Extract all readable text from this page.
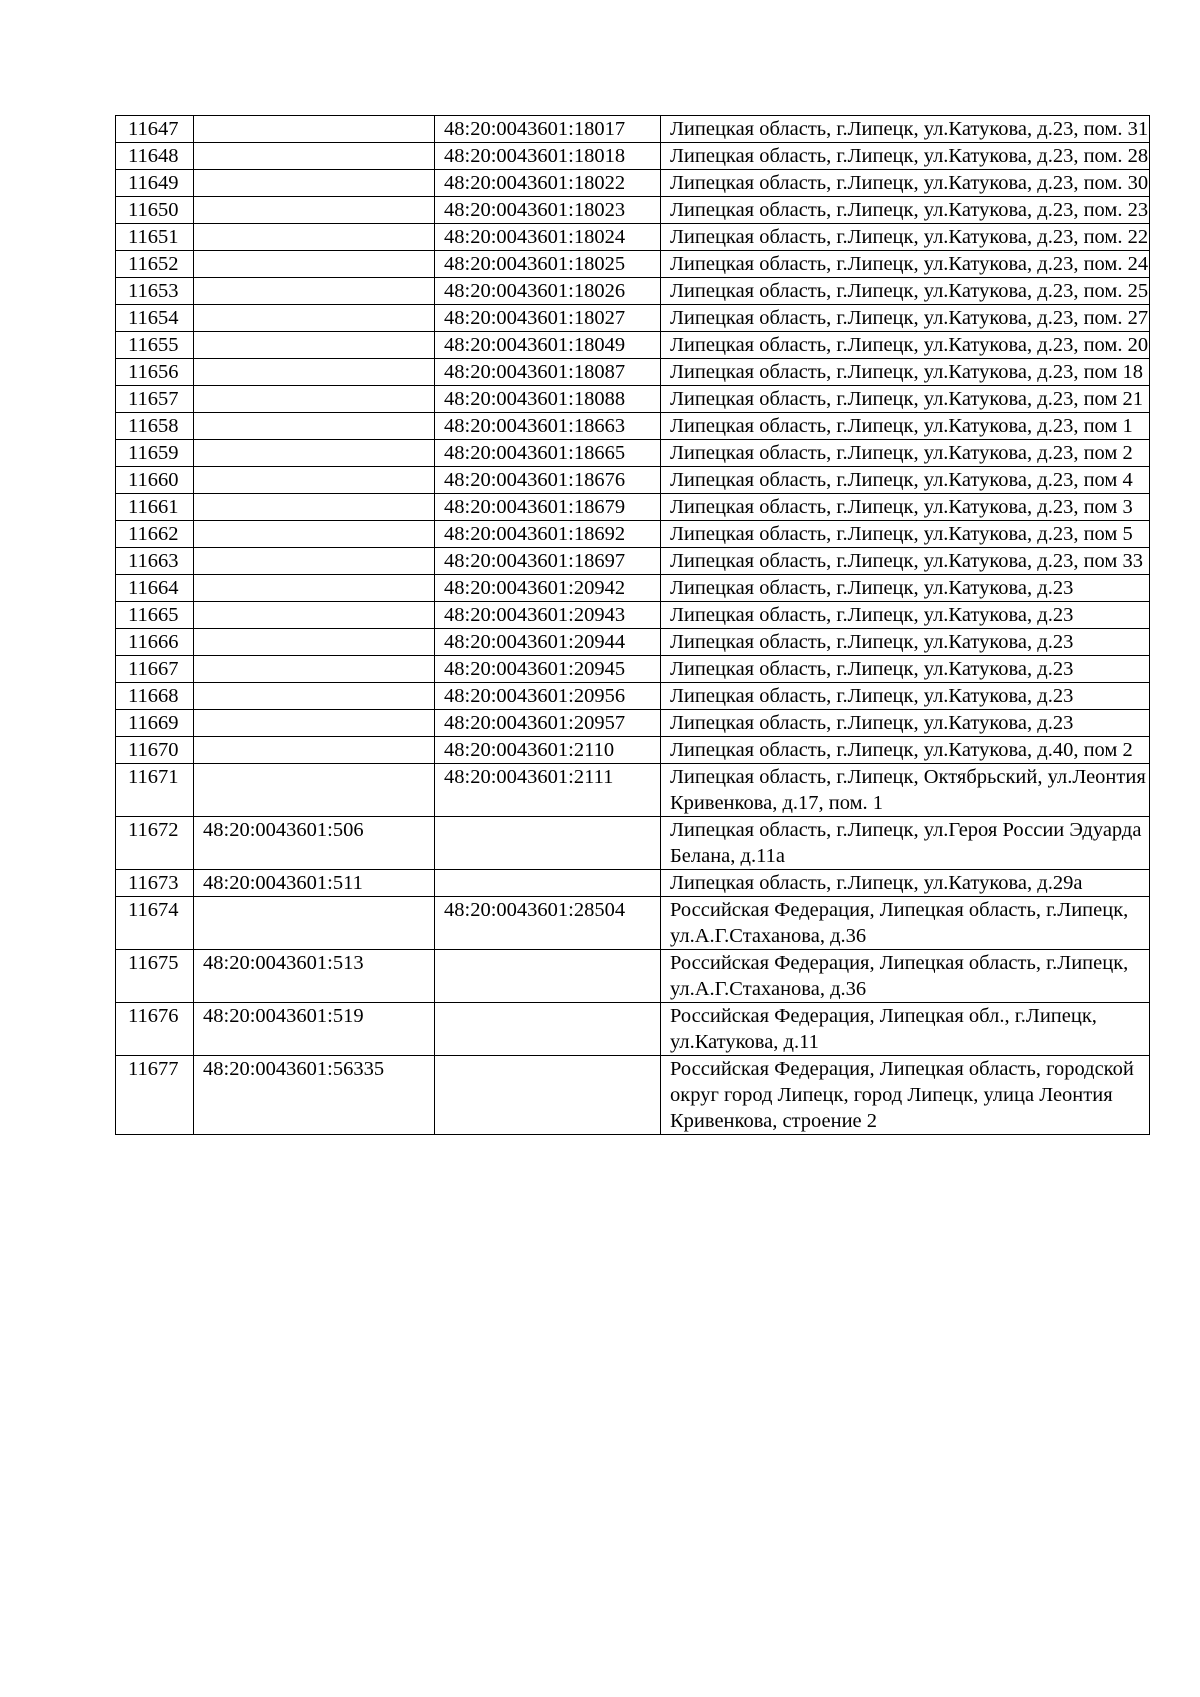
11647		48:20:0043601:18017	Липецкая область, г.Липецк, ул.Катукова, д.23, пом. 31
11648		48:20:0043601:18018	Липецкая область, г.Липецк, ул.Катукова, д.23, пом. 28
11649		48:20:0043601:18022	Липецкая область, г.Липецк, ул.Катукова, д.23, пом. 30
11650		48:20:0043601:18023	Липецкая область, г.Липецк, ул.Катукова, д.23, пом. 23
11651		48:20:0043601:18024	Липецкая область, г.Липецк, ул.Катукова, д.23, пом. 22
11652		48:20:0043601:18025	Липецкая область, г.Липецк, ул.Катукова, д.23, пом. 24
11653		48:20:0043601:18026	Липецкая область, г.Липецк, ул.Катукова, д.23, пом. 25
11654		48:20:0043601:18027	Липецкая область, г.Липецк, ул.Катукова, д.23, пом. 27
11655		48:20:0043601:18049	Липецкая область, г.Липецк, ул.Катукова, д.23, пом. 20
11656		48:20:0043601:18087	Липецкая область, г.Липецк, ул.Катукова, д.23, пом 18
11657		48:20:0043601:18088	Липецкая область, г.Липецк, ул.Катукова, д.23, пом 21
11658		48:20:0043601:18663	Липецкая область, г.Липецк, ул.Катукова, д.23, пом 1
11659		48:20:0043601:18665	Липецкая область, г.Липецк, ул.Катукова, д.23, пом 2
11660		48:20:0043601:18676	Липецкая область, г.Липецк, ул.Катукова, д.23, пом 4
11661		48:20:0043601:18679	Липецкая область, г.Липецк, ул.Катукова, д.23, пом 3
11662		48:20:0043601:18692	Липецкая область, г.Липецк, ул.Катукова, д.23, пом 5
11663		48:20:0043601:18697	Липецкая область, г.Липецк, ул.Катукова, д.23, пом 33
11664		48:20:0043601:20942	Липецкая область, г.Липецк, ул.Катукова, д.23
11665		48:20:0043601:20943	Липецкая область, г.Липецк, ул.Катукова, д.23
11666		48:20:0043601:20944	Липецкая область, г.Липецк, ул.Катукова, д.23
11667		48:20:0043601:20945	Липецкая область, г.Липецк, ул.Катукова, д.23
11668		48:20:0043601:20956	Липецкая область, г.Липецк, ул.Катукова, д.23
11669		48:20:0043601:20957	Липецкая область, г.Липецк, ул.Катукова, д.23
11670		48:20:0043601:2110	Липецкая область, г.Липецк, ул.Катукова, д.40, пом 2
11671		48:20:0043601:2111	Липецкая область, г.Липецк, Октябрьский, ул.Леонтия Кривенкова, д.17, пом. 1
11672	48:20:0043601:506		Липецкая область, г.Липецк, ул.Героя России Эдуарда Белана, д.11а
11673	48:20:0043601:511		Липецкая область, г.Липецк, ул.Катукова, д.29а
11674		48:20:0043601:28504	Российская Федерация, Липецкая область, г.Липецк, ул.А.Г.Стаханова, д.36
11675	48:20:0043601:513		Российская Федерация, Липецкая область, г.Липецк, ул.А.Г.Стаханова, д.36
11676	48:20:0043601:519		Российская Федерация, Липецкая обл., г.Липецк, ул.Катукова, д.11
11677	48:20:0043601:56335		Российская Федерация, Липецкая область, городской округ город Липецк, город Липецк, улица Леонтия Кривенкова, строение 2
